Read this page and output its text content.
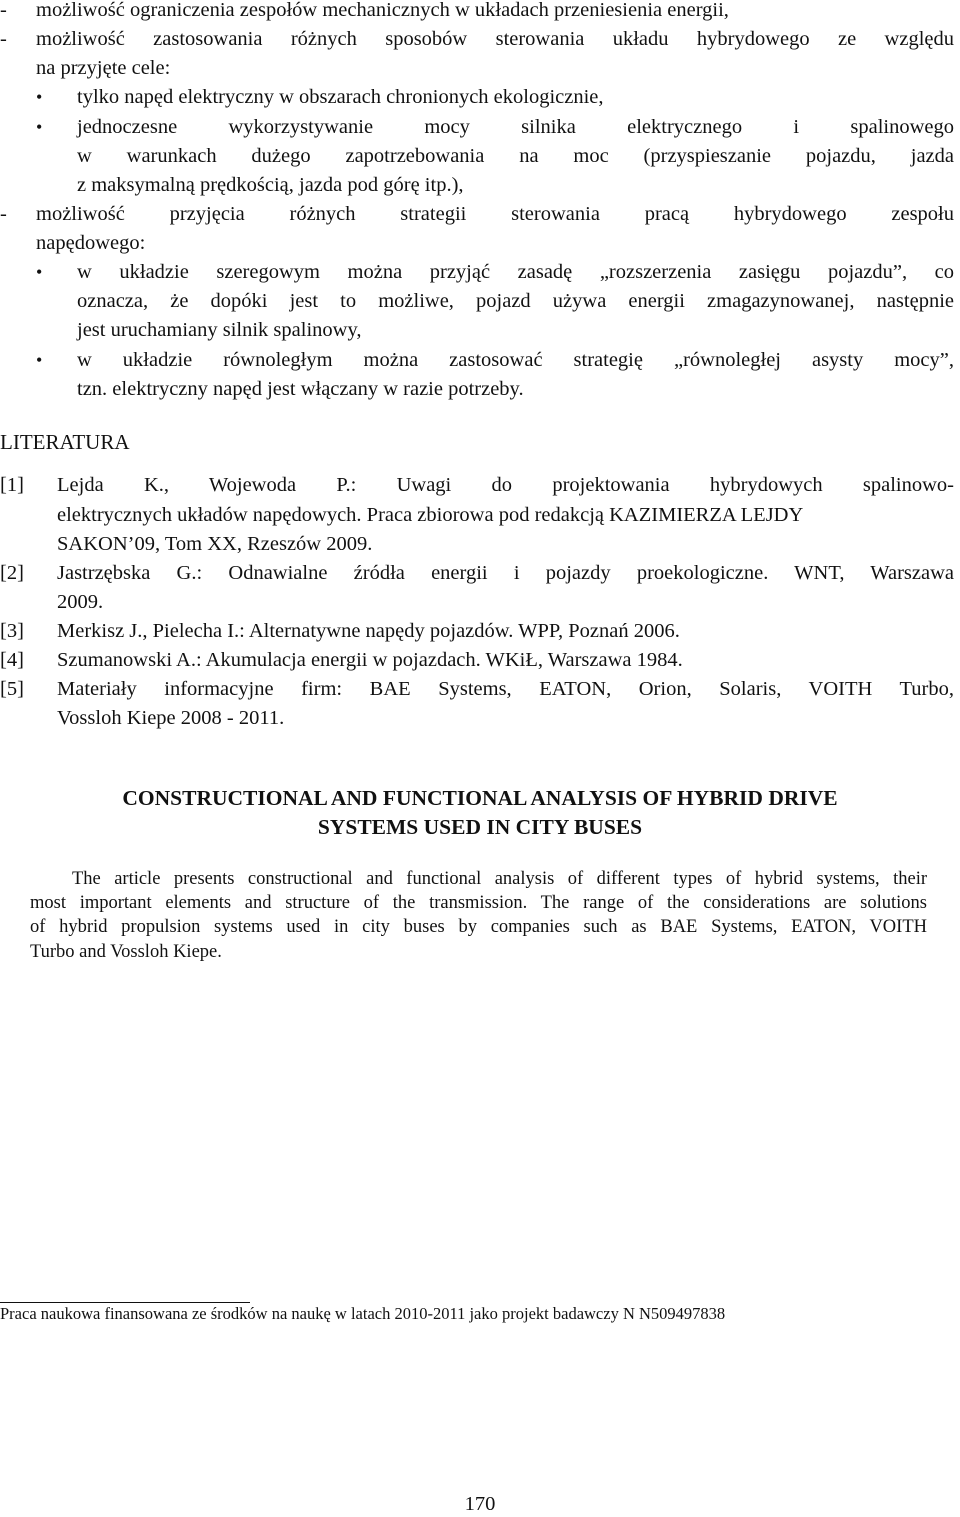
- możliwość ograniczenia zespołów mechanicznych w układach przeniesienia energii,
- możliwość zastosowania różnych sposobów sterowania układu hybrydowego ze względu
na przyjęte cele:
• tylko napęd elektryczny w obszarach chronionych ekologicznie,
• jednoczesne wykorzystywanie mocy silnika elektrycznego i spalinowego
w warunkach dużego zapotrzebowania na moc (przyspieszanie pojazdu, jazda
z maksymalną prędkością, jazda pod górę itp.),
- możliwość przyjęcia różnych strategii sterowania pracą hybrydowego zespołu
napędowego:
• w układzie szeregowym można przyjąć zasadę „rozszerzenia zasięgu pojazdu”, co
oznacza, że dopóki jest to możliwe, pojazd używa energii zmagazynowanej, następnie
jest uruchamiany silnik spalinowy,
• w układzie równoległym można zastosować strategię „równoległej asysty mocy”,
tzn. elektryczny napęd jest włączany w razie potrzeby.
LITERATURA
[1] Lejda K., Wojewoda P.: Uwagi do projektowania hybrydowych spalinowo-
elektrycznych układów napędowych. Praca zbiorowa pod redakcją KAZIMIERZA LEJDY
SAKON’09, Tom XX, Rzeszów 2009.
[2] Jastrzębska G.: Odnawialne źródła energii i pojazdy proekologiczne. WNT, Warszawa
2009.
[3] Merkisz J., Pielecha I.: Alternatywne napędy pojazdów. WPP, Poznań 2006.
[4] Szumanowski A.: Akumulacja energii w pojazdach. WKiŁ, Warszawa 1984.
[5] Materiały informacyjne firm: BAE Systems, EATON, Orion, Solaris, VOITH Turbo,
Vossloh Kiepe 2008 - 2011.
CONSTRUCTIONAL AND FUNCTIONAL ANALYSIS OF HYBRID DRIVE
SYSTEMS USED IN CITY BUSES
The article presents constructional and functional analysis of different types of hybrid systems, their
most important elements and structure of the transmission. The range of the considerations are solutions
of hybrid propulsion systems used in city buses by companies such as BAE Systems, EATON, VOITH
Turbo and Vossloh Kiepe.
Praca naukowa finansowana ze środków na naukę w latach 2010-2011 jako projekt badawczy N N509497838
170
